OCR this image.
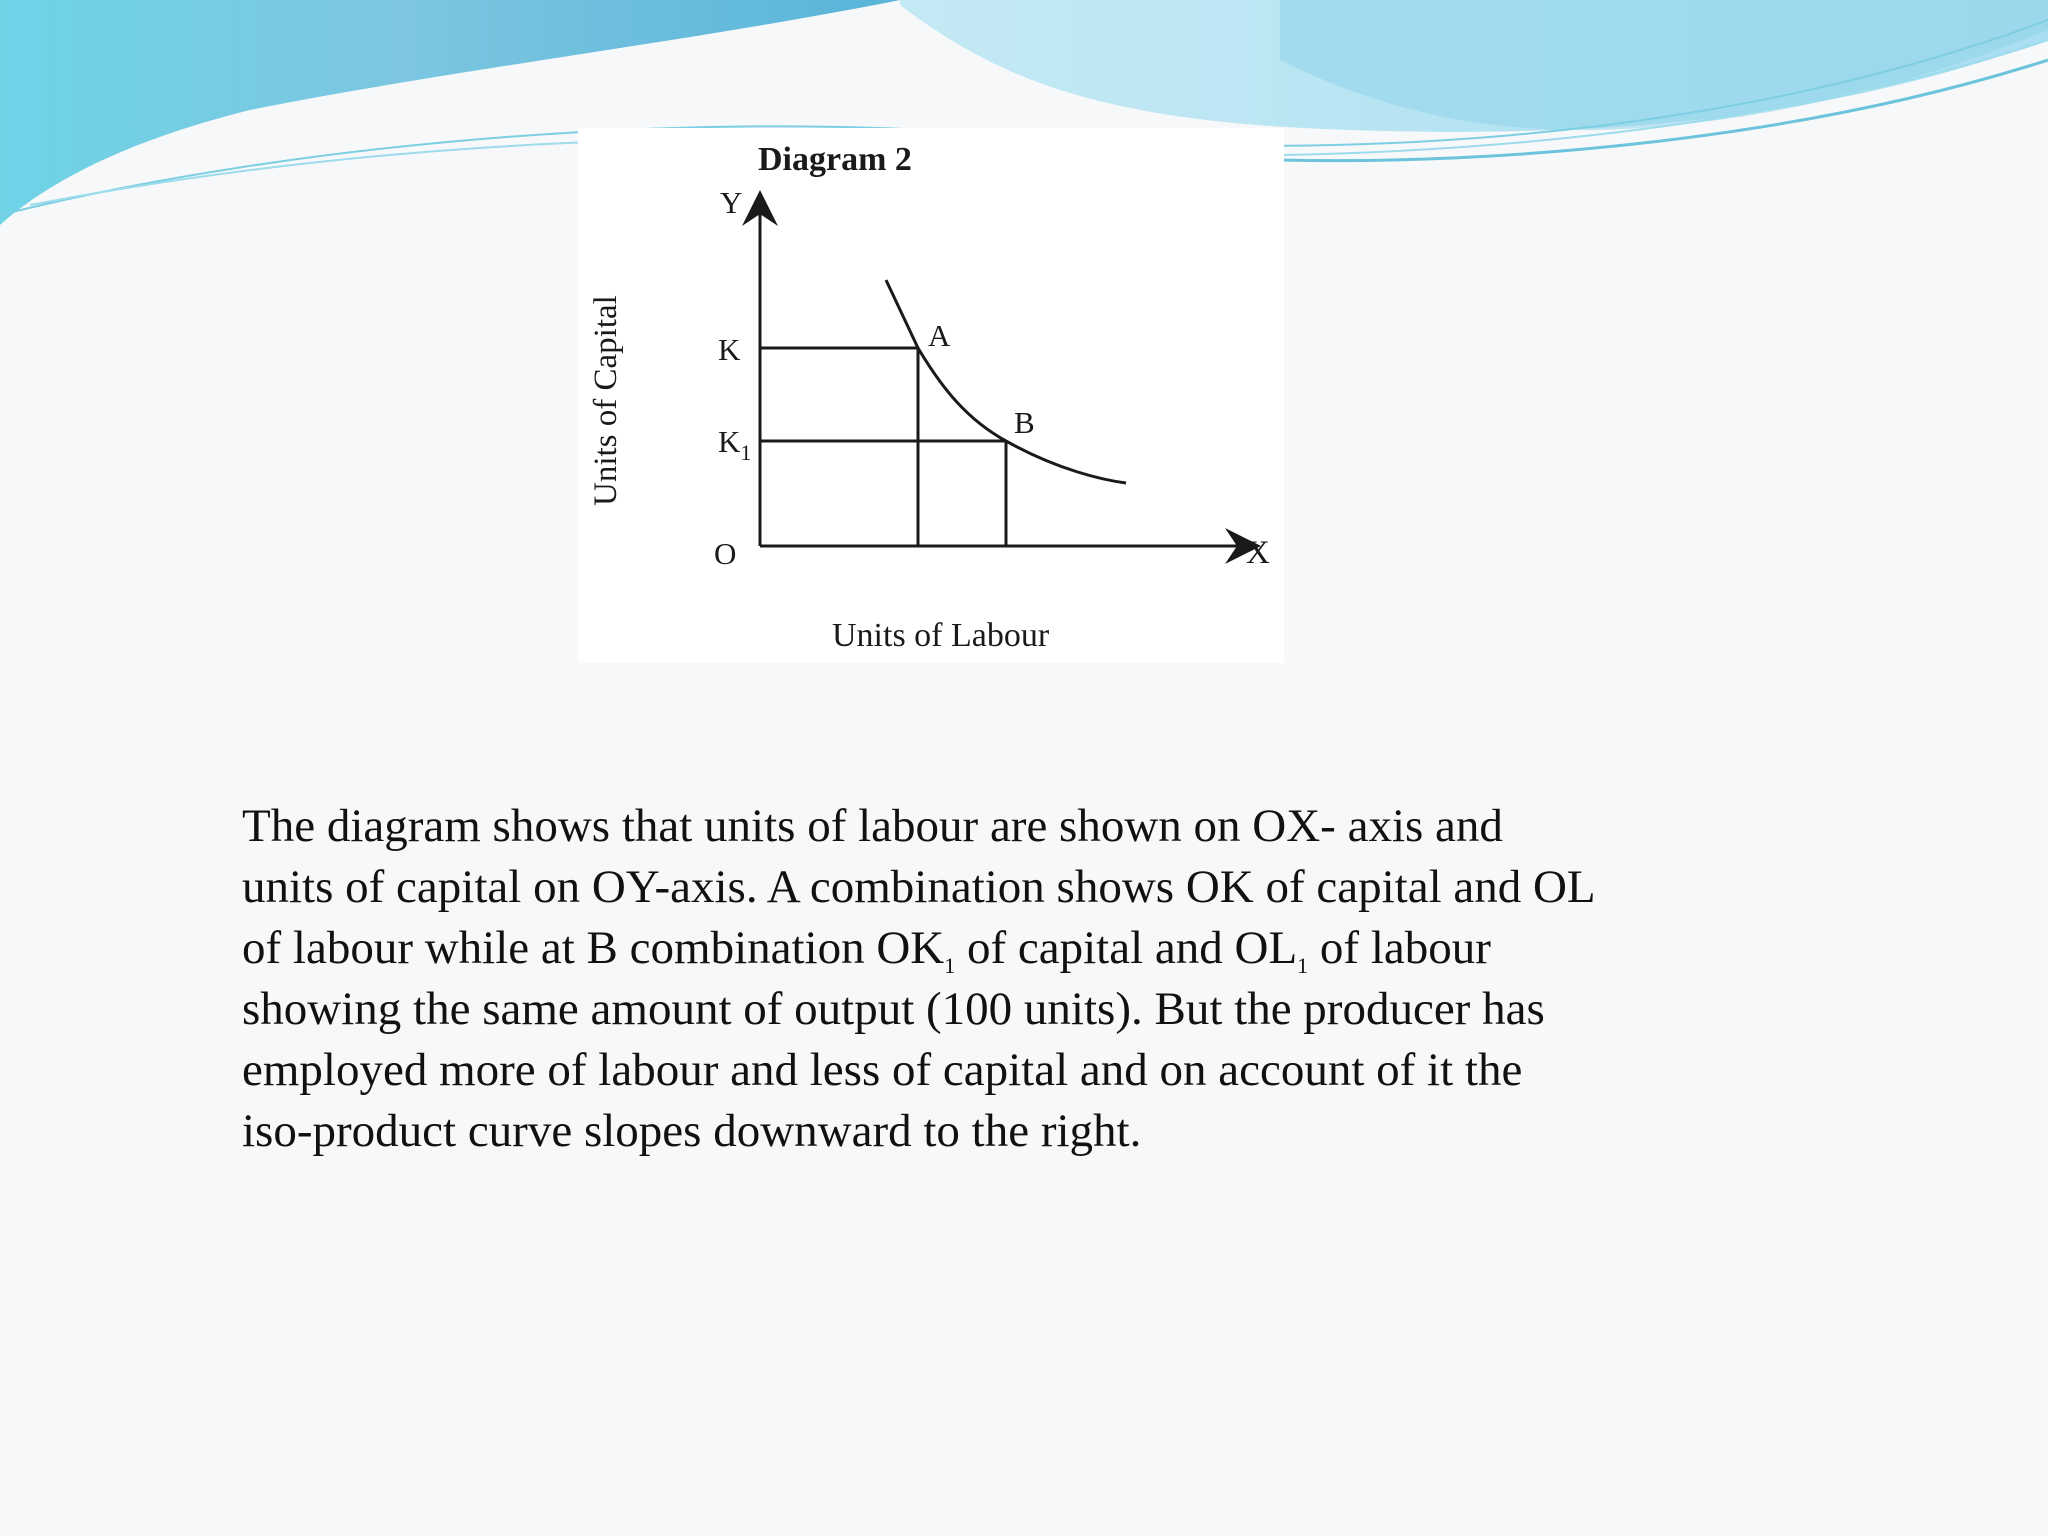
Diagram 2
Units of Capital
Y
X
O
K
$K_1$
A
B
Units of Labour
The diagram shows that units of labour are shown on OX- axis and
units of capital on OY-axis. A combination shows OK of capital and OL
of labour while at B combination $OK_1$ of capital and $OL_1$ of labour
showing the same amount of output (100 units). But the producer has
employed more of labour and less of capital and on account of it the
iso-product curve slopes downward to the right.
